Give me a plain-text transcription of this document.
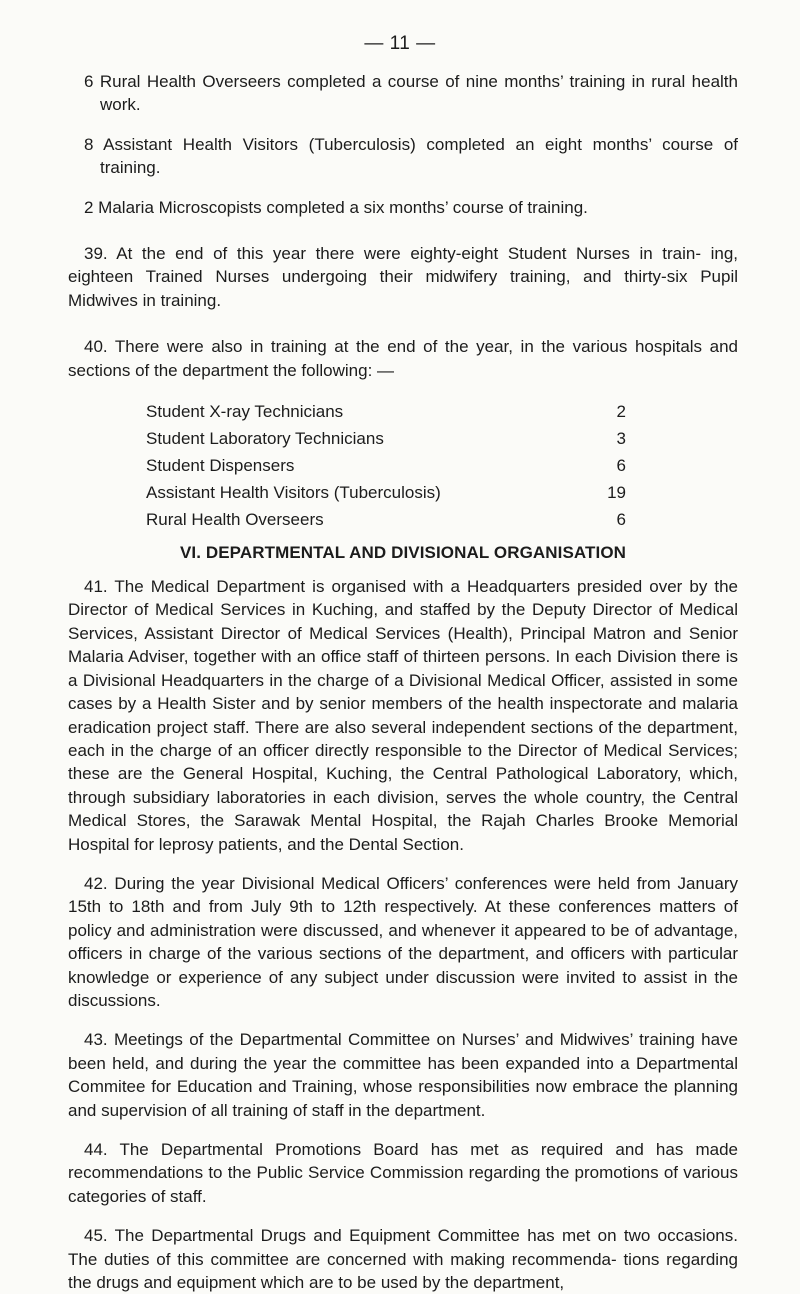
— 11 —

6 Rural Health Overseers completed a course of nine months’ training in rural health work.

8 Assistant Health Visitors (Tuberculosis) completed an eight months’ course of training.

2 Malaria Microscopists completed a six months’ course of training.

39. At the end of this year there were eighty-eight Student Nurses in train- ing, eighteen Trained Nurses undergoing their midwifery training, and thirty-six Pupil Midwives in training.

40. There were also in training at the end of the year, in the various hospitals and sections of the department the following: —

Student X-ray Technicians	2
Student Laboratory Technicians	3
Student Dispensers	6
Assistant Health Visitors (Tuberculosis)	19
Rural Health Overseers	6
VI. DEPARTMENTAL AND DIVISIONAL ORGANISATION

41. The Medical Department is organised with a Headquarters presided over by the Director of Medical Services in Kuching, and staffed by the Deputy Director of Medical Services, Assistant Director of Medical Services (Health), Principal Matron and Senior Malaria Adviser, together with an office staff of thirteen persons. In each Division there is a Divisional Headquarters in the charge of a Divisional Medical Officer, assisted in some cases by a Health Sister and by senior members of the health inspectorate and malaria eradication project staff. There are also several independent sections of the department, each in the charge of an officer directly responsible to the Director of Medical Services; these are the General Hospital, Kuching, the Central Pathological Laboratory, which, through subsidiary laboratories in each division, serves the whole country, the Central Medical Stores, the Sarawak Mental Hospital, the Rajah Charles Brooke Memorial Hospital for leprosy patients, and the Dental Section.

42. During the year Divisional Medical Officers’ conferences were held from January 15th to 18th and from July 9th to 12th respectively. At these conferences matters of policy and administration were discussed, and whenever it appeared to be of advantage, officers in charge of the various sections of the department, and officers with particular knowledge or experience of any subject under discussion were invited to assist in the discussions.

43. Meetings of the Departmental Committee on Nurses’ and Midwives’ training have been held, and during the year the committee has been expanded into a Departmental Commitee for Education and Training, whose responsibilities now embrace the planning and supervision of all training of staff in the department.

44. The Departmental Promotions Board has met as required and has made recommendations to the Public Service Commission regarding the promotions of various categories of staff.

45. The Departmental Drugs and Equipment Committee has met on two occasions. The duties of this committee are concerned with making recommenda- tions regarding the drugs and equipment which are to be used by the department,
